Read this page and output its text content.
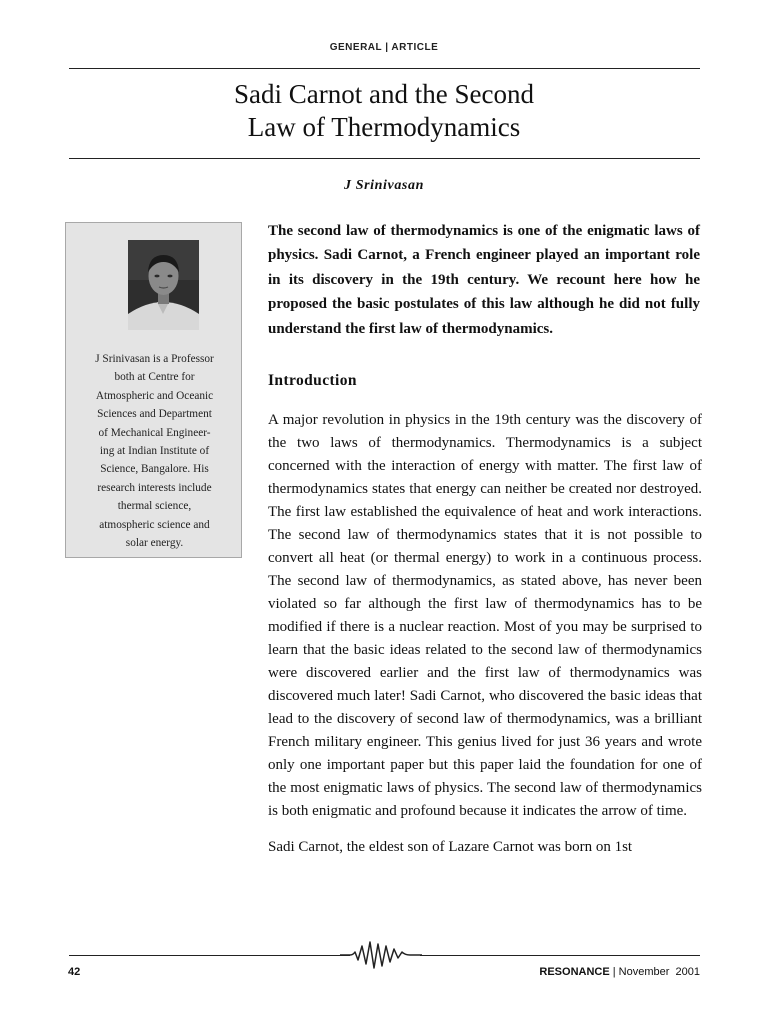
GENERAL | ARTICLE
Sadi Carnot and the Second
Law of Thermodynamics
J Srinivasan
J Srinivasan is a Professor
both at Centre for
Atmospheric and Oceanic
Sciences and Department
of Mechanical Engineer-
ing at Indian Institute of
Science, Bangalore. His
research interests include
thermal science,
atmospheric science and
solar energy.
The second law of thermodynamics is one of the enigmatic laws of physics. Sadi Carnot, a French engineer played an important role in its discovery in the 19th century. We recount here how he proposed the basic postulates of this law although he did not fully understand the first law of thermodynamics.
Introduction

A major revolution in physics in the 19th century was the discovery of the two laws of thermodynamics. Thermodynamics is a subject concerned with the interaction of energy with matter. The first law of thermodynamics states that energy can neither be created nor destroyed. The first law established the equivalence of heat and work interactions. The second law of thermodynamics states that it is not possible to convert all heat (or thermal energy) to work in a continuous process. The second law of thermodynamics, as stated above, has never been violated so far although the first law of thermodynamics has to be modified if there is a nuclear reaction. Most of you may be surprised to learn that the basic ideas related to the second law of thermodynamics were discovered earlier and the first law of thermodynamics was discovered much later! Sadi Carnot, who discovered the basic ideas that lead to the discovery of second law of thermodynamics, was a brilliant French military engineer. This genius lived for just 36 years and wrote only one important paper but this paper laid the foundation for one of the most enigmatic laws of physics. The second law of thermodynamics is both enigmatic and profound because it indicates the arrow of time.

Sadi Carnot, the eldest son of Lazare Carnot was born on 1st

42	RESONANCE | November  2001
